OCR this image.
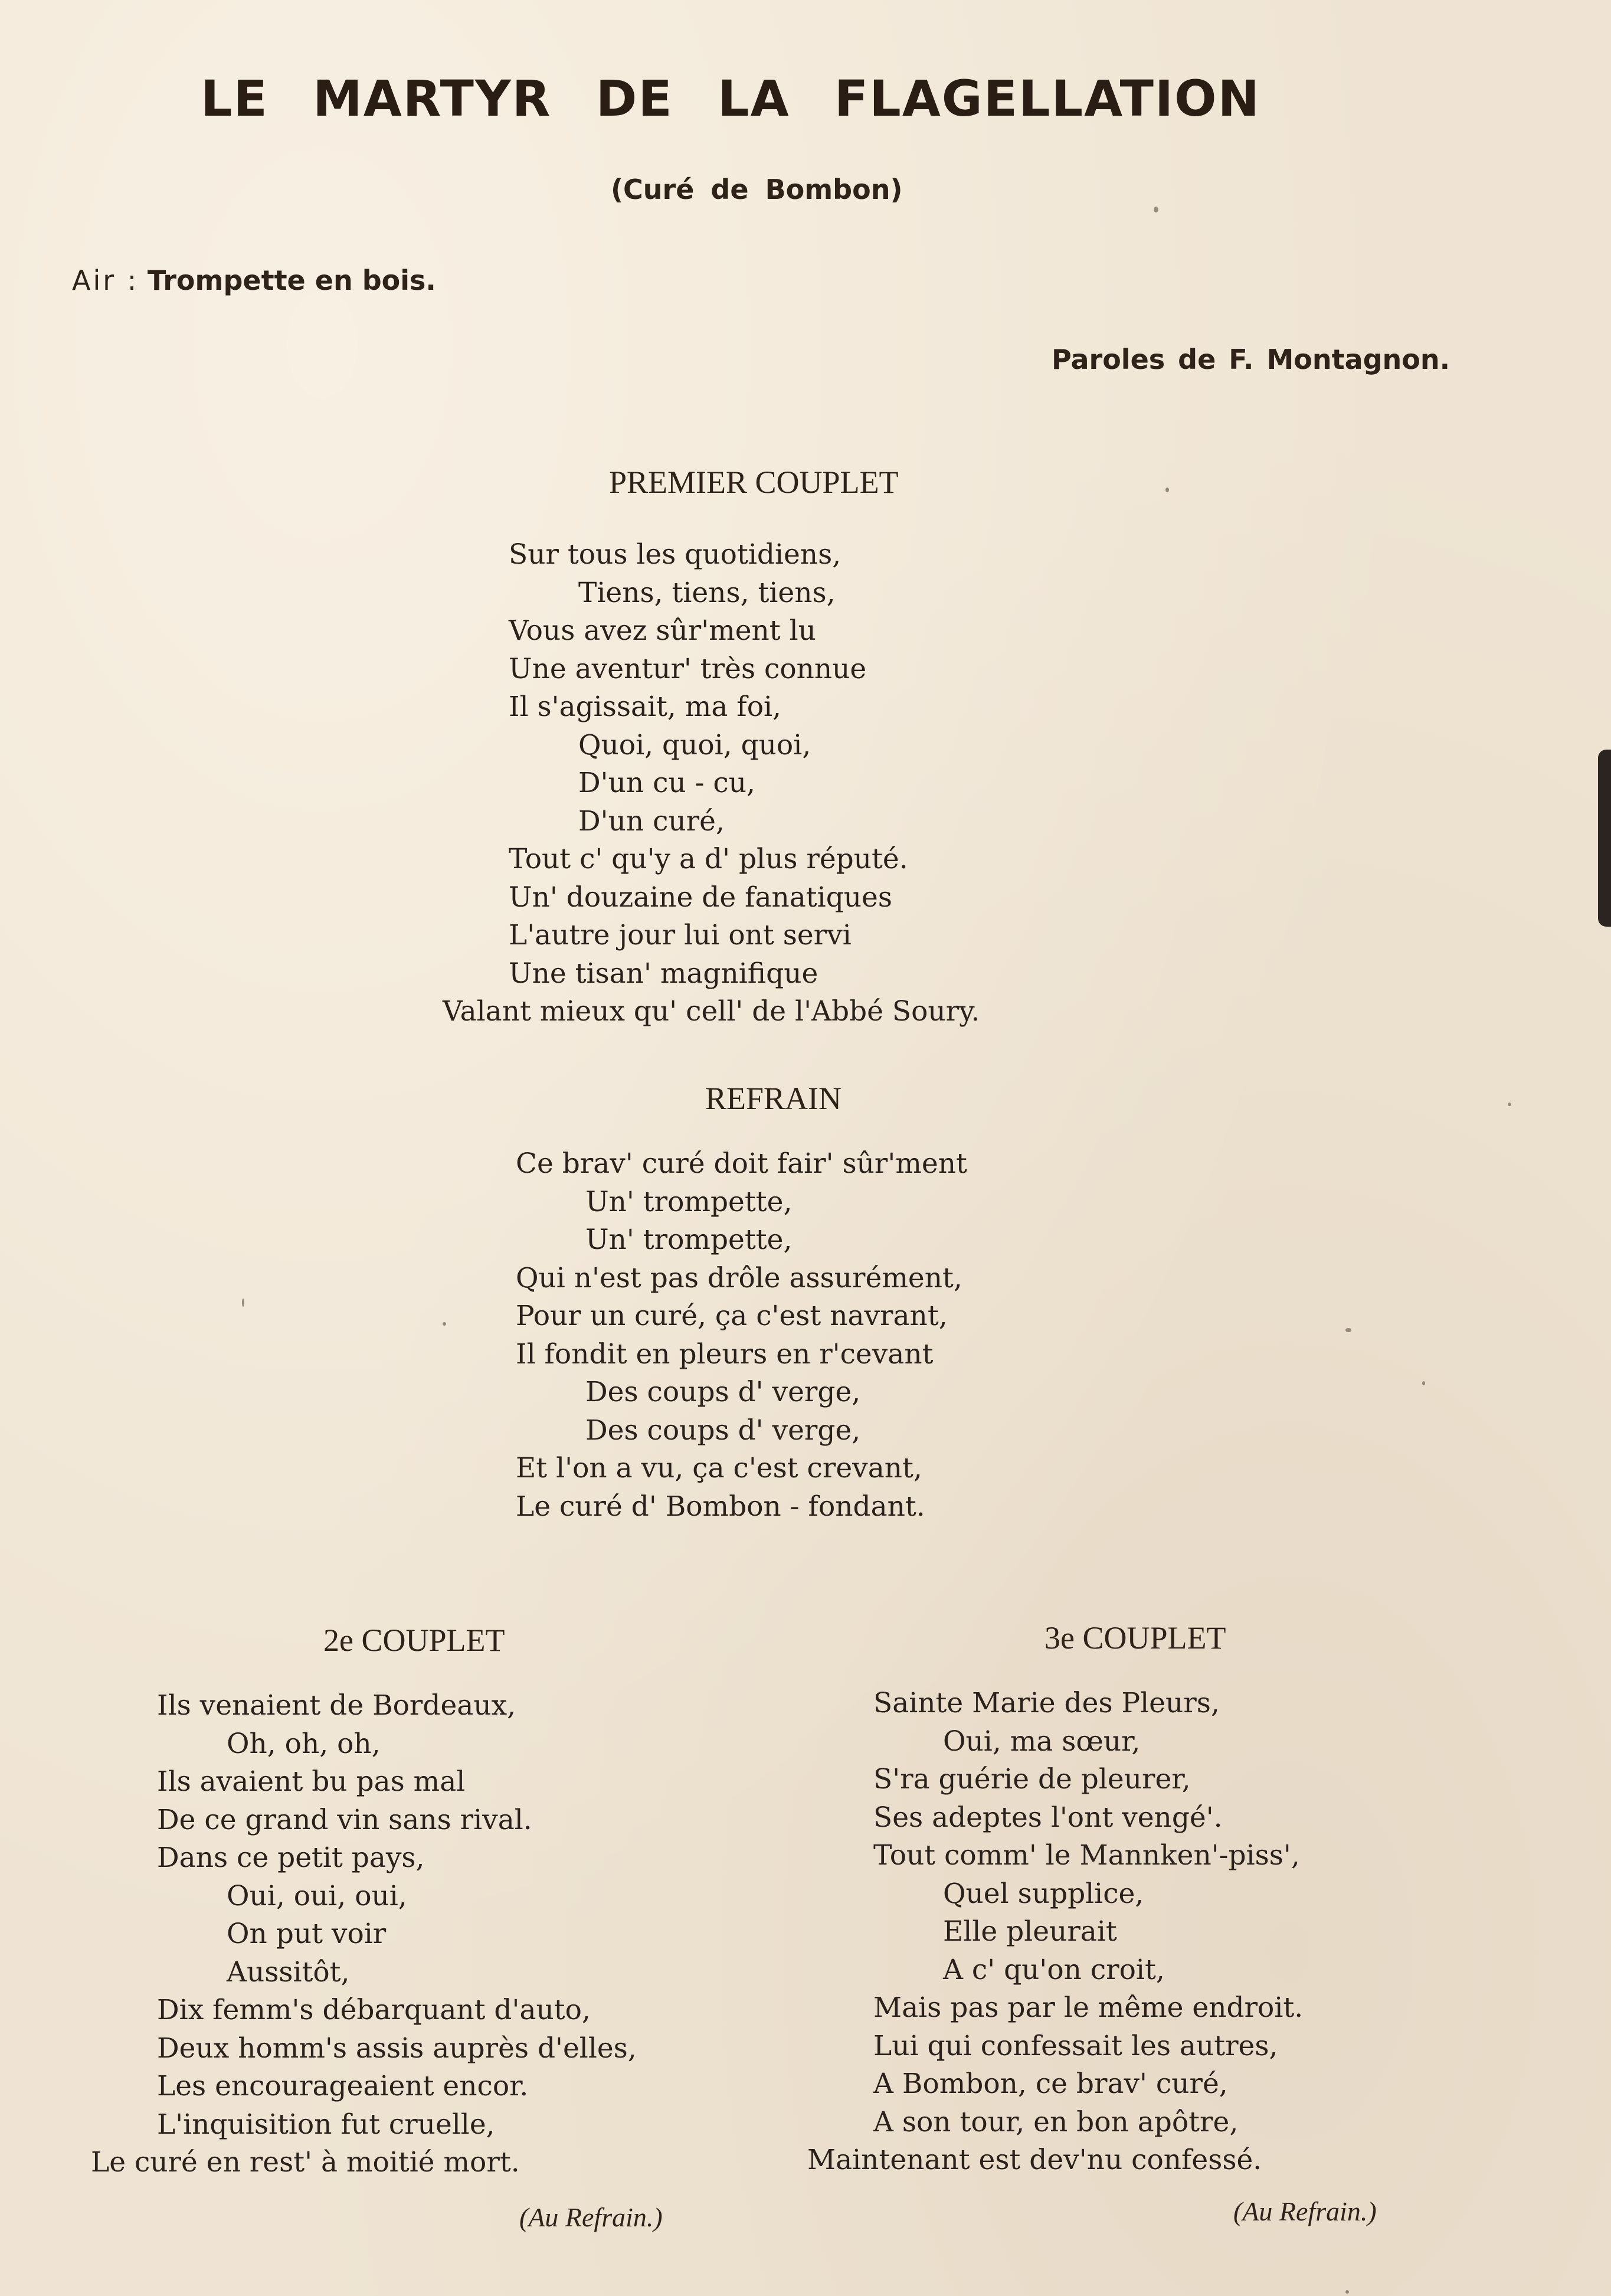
LE MARTYR DE LA FLAGELLATION
(Curé de Bombon)
Air : Trompette en bois.
Paroles de F. Montagnon.
PREMIER COUPLET
Sur tous les quotidiens,
Tiens, tiens, tiens,
Vous avez sûr'ment lu
Une aventur' très connue
Il s'agissait, ma foi,
Quoi, quoi, quoi,
D'un cu - cu,
D'un curé,
Tout c' qu'y a d' plus réputé.
Un' douzaine de fanatiques
L'autre jour lui ont servi
Une tisan' magnifique
Valant mieux qu' cell' de l'Abbé Soury.
REFRAIN
Ce brav' curé doit fair' sûr'ment
Un' trompette,
Un' trompette,
Qui n'est pas drôle assurément,
Pour un curé, ça c'est navrant,
Il fondit en pleurs en r'cevant
Des coups d' verge,
Des coups d' verge,
Et l'on a vu, ça c'est crevant,
Le curé d' Bombon - fondant.
2e COUPLET
Ils venaient de Bordeaux,
Oh, oh, oh,
Ils avaient bu pas mal
De ce grand vin sans rival.
Dans ce petit pays,
Oui, oui, oui,
On put voir
Aussitôt,
Dix femm's débarquant d'auto,
Deux homm's assis auprès d'elles,
Les encourageaient encor.
L'inquisition fut cruelle,
Le curé en rest' à moitié mort.
(Au Refrain.)
3e COUPLET
Sainte Marie des Pleurs,
Oui, ma sœur,
S'ra guérie de pleurer,
Ses adeptes l'ont vengé'.
Tout comm' le Mannken'-piss',
Quel supplice,
Elle pleurait
A c' qu'on croit,
Mais pas par le même endroit.
Lui qui confessait les autres,
A Bombon, ce brav' curé,
A son tour, en bon apôtre,
Maintenant est dev'nu confessé.
(Au Refrain.)
